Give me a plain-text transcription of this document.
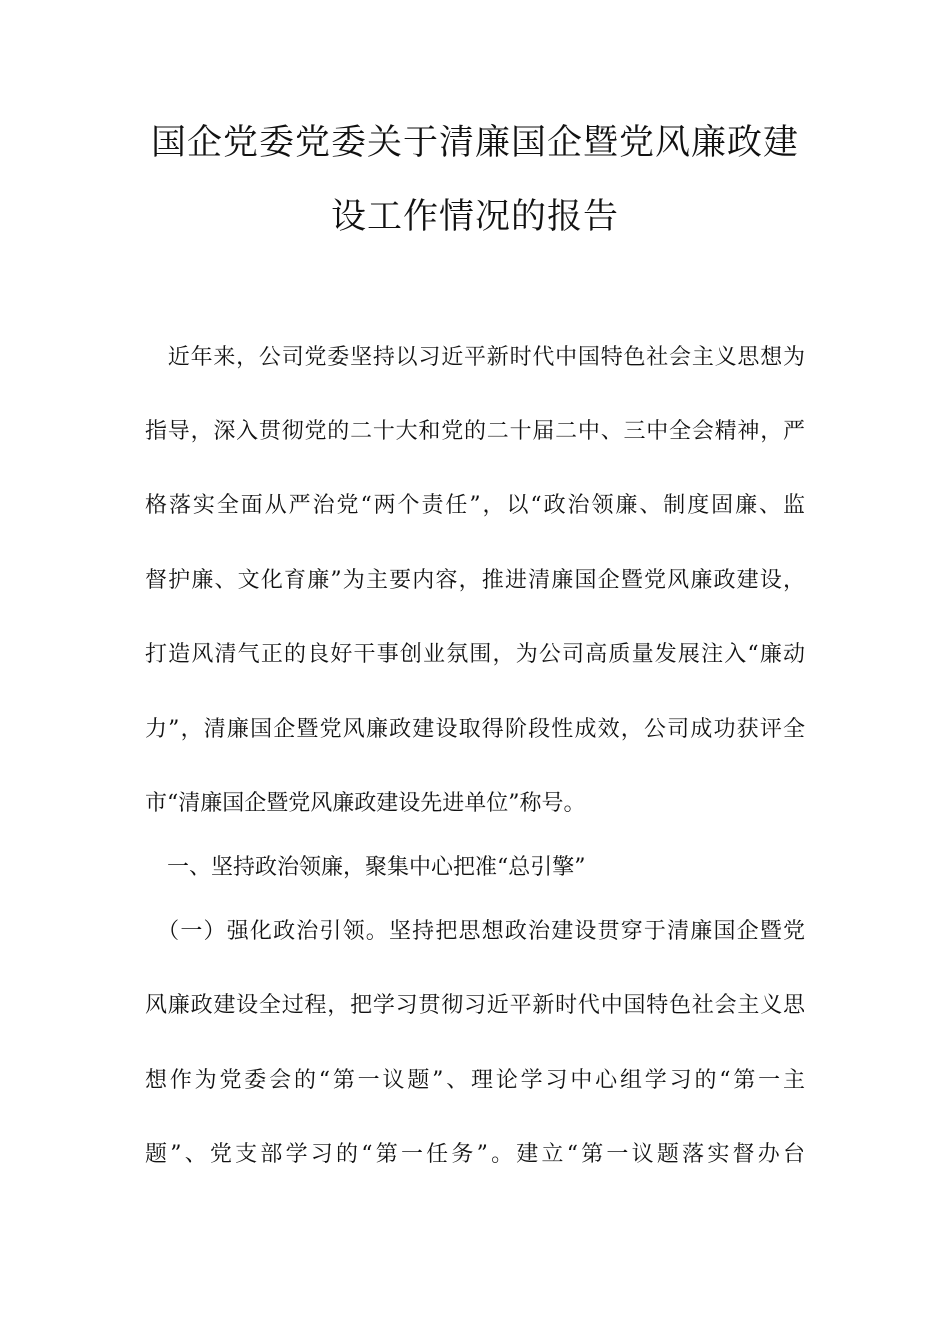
国企党委党委关于清廉国企暨党风廉政建
设工作情况的报告
　近年来，公司党委坚持以习近平新时代中国特色社会主义思想为
指导，深入贯彻党的二十大和党的二十届二中、三中全会精神，严
格落实全面从严治党“两个责任”，以“政治领廉、制度固廉、监
督护廉、文化育廉”为主要内容，推进清廉国企暨党风廉政建设，
打造风清气正的良好干事创业氛围，为公司高质量发展注入“廉动
力”，清廉国企暨党风廉政建设取得阶段性成效，公司成功获评全
市“清廉国企暨党风廉政建设先进单位”称号。
　一、坚持政治领廉，聚集中心把准“总引擎”
　（一）强化政治引领。坚持把思想政治建设贯穿于清廉国企暨党
风廉政建设全过程，把学习贯彻习近平新时代中国特色社会主义思
想作为党委会的“第一议题”、理论学习中心组学习的“第一主
题”、党支部学习的“第一任务”。建立“第一议题落实督办台
